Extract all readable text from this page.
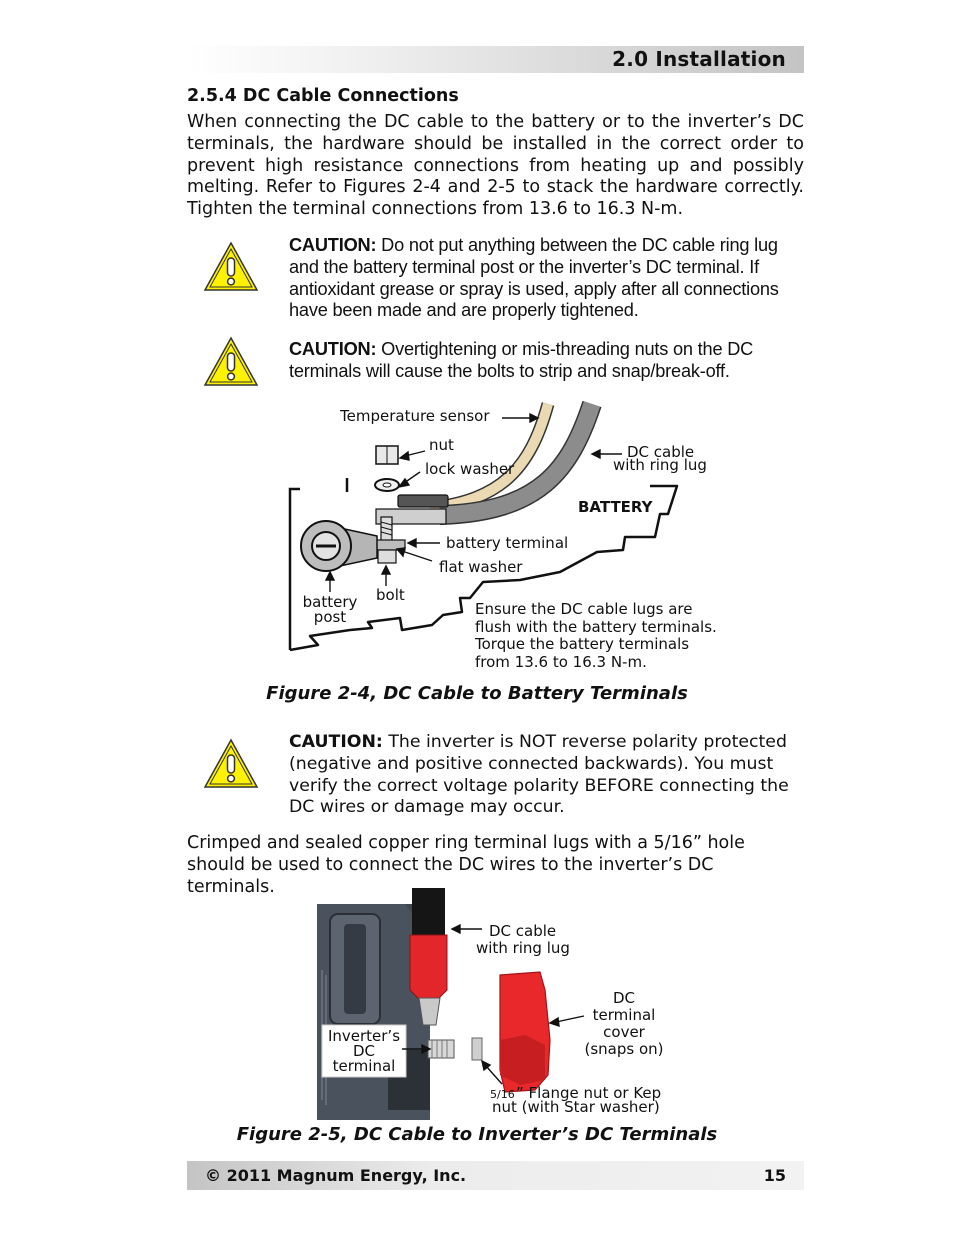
2.0 Installation
2.5.4 DC Cable Connections
When connecting the DC cable to the battery or to the inverter’s DC terminals, the hardware should be installed in the correct order to prevent high resistance connections from heating up and possibly melting. Refer to Figures 2-4 and 2-5 to stack the hardware correctly. Tighten the terminal connections from 13.6 to 16.3 N-m.
CAUTION: Do not put anything between the DC cable ring lug and the battery terminal post or the inverter’s DC terminal. If antioxidant grease or spray is used, apply after all connections have been made and are properly tightened.
CAUTION: Overtightening or mis-threading nuts on the DC terminals will cause the bolts to strip and snap/break-off.
Temperature sensor
nut
lock washer
DC cable
with ring lug
BATTERY
battery terminal
flat washer
battery
post
bolt
Ensure the DC cable lugs are
flush with the battery terminals.
Torque the battery terminals
from 13.6 to 16.3 N-m.
Figure 2-4, DC Cable to Battery Terminals
CAUTION: The inverter is NOT reverse polarity protected (negative and positive connected backwards). You must verify the correct voltage polarity BEFORE connecting the DC wires or damage may occur.
Crimped and sealed copper ring terminal lugs with a 5/16” hole should be used to connect the DC wires to the inverter’s DC terminals.
DC cable
with ring lug
DC
terminal
cover
(snaps on)
Inverter’s
DC
terminal
5/16 ” Flange nut or Kep
nut (with Star washer)
Figure 2-5, DC Cable to Inverter’s DC Terminals
© 2011 Magnum Energy, Inc.	15
